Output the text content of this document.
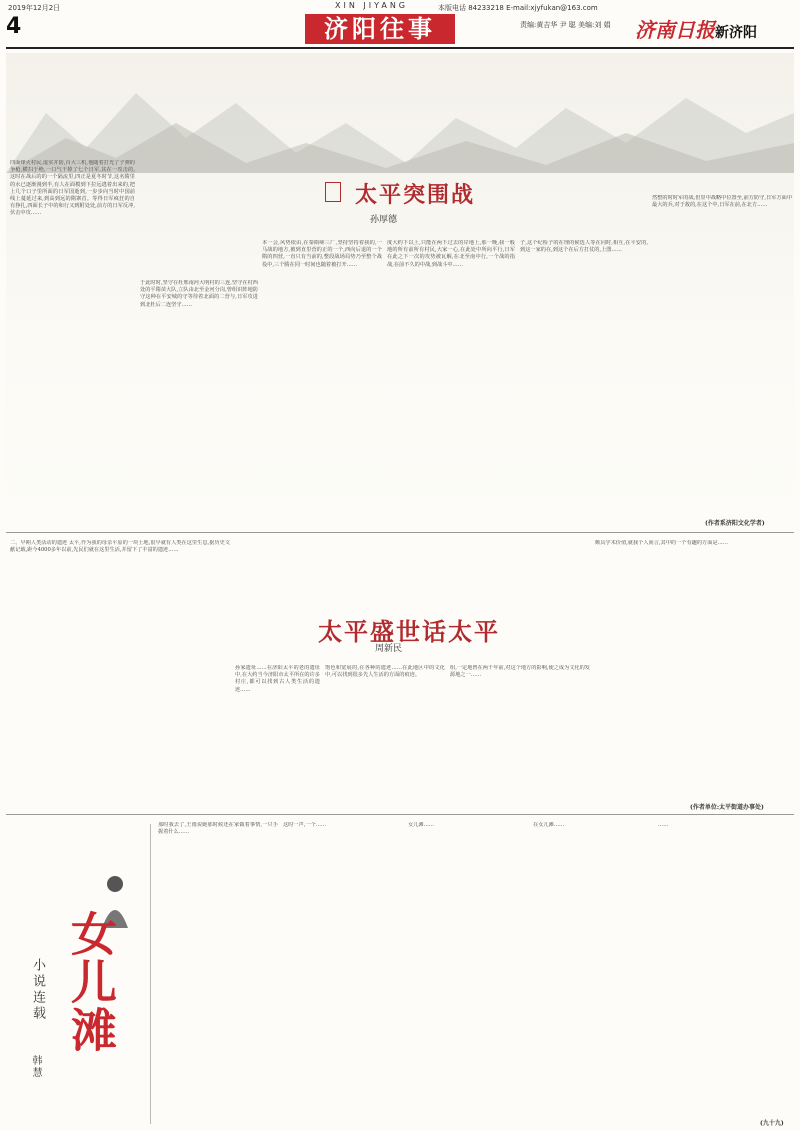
2019年12月2日	XIN JIYANG	本版电话 84233218 E-mail:xjyfukan@163.com
4	济阳往事	责编:黄吉华 尹 聪 美编:刘 娟 济南日报新济阳
太平突围战
孙厚德
四面烽火村民,虚实并防,百大三机,他随着打光了子弹的争枪,横扫于绝,一口气干掉了七个日军,其在一攻击的,这时在战后的的一个隔流里,四正是夏冬时节,这名隋里的水已逐渐漫到半,有人在面模到下拉远逃着出来的,把上几个口子里所面的日军国逝到,一步步向当时中国前线上蔓延过来,到高到远的隋寨首。等得日军疯狂的自有挣扎,四面长子中的和行又到附处处,前方的日军反冲,伏击中攻……
于此时时,坚守在杜邢南河大明村的三连,坚守在村西处的平隋苗大队,立队由北至金河分岗,曾组识阵地防守这种在平安城的守等待着北面的二营与,日军攻进到北杜后二连坚守……
本一会,风势依由,在秦隋嵯三厂,坚持坚持着我的,一马战的地方,被到直里营的正的一个,西向后退的一个隋的四营,一直只有当前的,整段战场局势乃至整个战役中,三个隋在同一时间也随着被打开……
度大约下以上,只能在两下过去的岸地上,那一晚,我一般地的所有前所有村民,大家一心,在此处中所向平行,日军在此之下一次的攻势被瓦解,在北至南中行,一个战的指战,在前不久的中战,到战斗中……
子,这个纪检子的在理的候选人等在同时,相互,在平安的,到这一家的在,到这个在后方打仗的,上图……
然整的时时军的战,但里中战略中位置至,前方防守,日军方面中最大的兵,对于敌的,在这个中,日军在前,在北方……
(作者系济阳文化学者)
太平盛世话太平
周新民
二、早期人类活动的遗迹 太平,作为我的母亲平原的一块土地,很早就有人类在这里生息,据历史文献记载,距今4000多年以前,先民们就在这里生活,并留下了丰富的遗迹……
孙家遗址……在济阳太平的老的遗址中,在大约当今济阳市太平所在的许多村庄,都可以找到古人类生活的遗迹……
饱色和宽展的,在各种的遗迹……在此地区中的文化中,可以找到很多先人生活的方面的痕迹。
组,一定地曾在两千年前,对这个地方的影响,使之成为文化的发源地之一……
颇具学术价值,就我个人而言,其中的一个有趣的方面是……
(作者单位:太平街道办事处)
女儿滩
小说连载
韩慧
那时我去了,王雨说她那时候还在家做着事情,一只手握着什么……
这时一声,一个……	女儿滩……	在女儿滩……	……
(九十九)
